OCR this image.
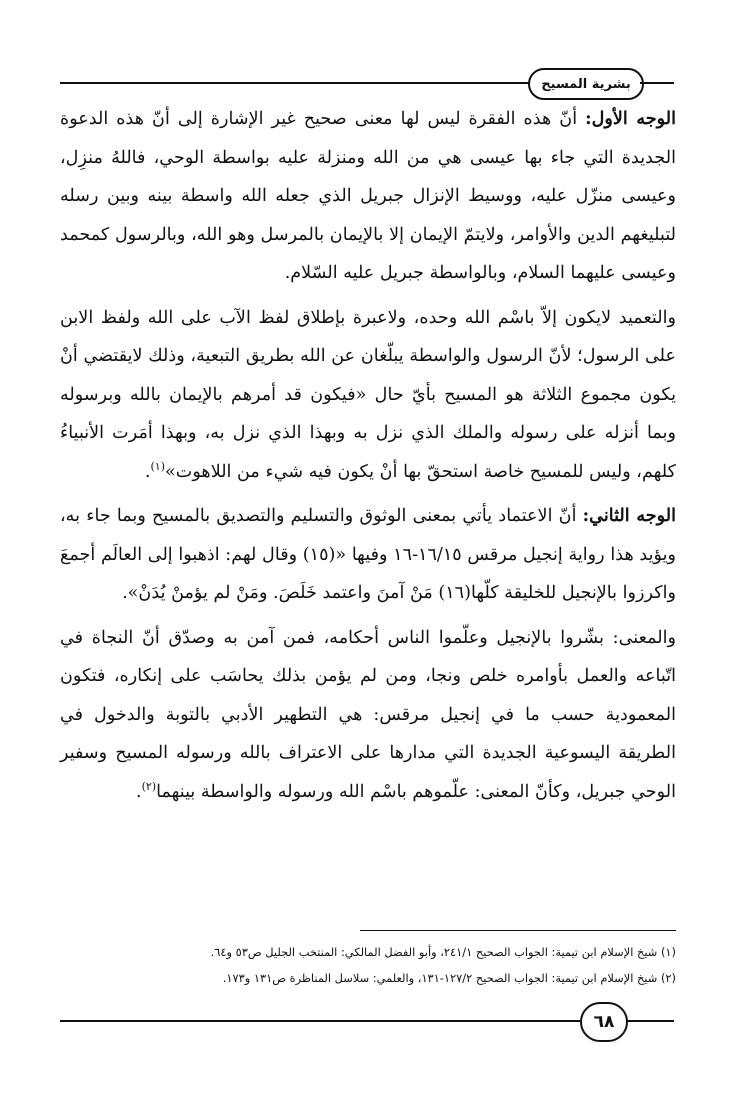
بشرية المسيح

الوجه الأول: أنّ هذه الفقرة ليس لها معنى صحيح غير الإشارة إلى أنّ هذه الدعوة الجديدة التي جاء بها عيسى هي من الله ومنزلة عليه بواسطة الوحي، فاللهُ منزِل، وعيسى منزّل عليه، ووسيط الإنزال جبريل الذي جعله الله واسطة بينه وبين رسله لتبليغهم الدين والأوامر، ولايتمّ الإيمان إلا بالإيمان بالمرسل وهو الله، وبالرسول كمحمد وعيسى عليهما السلام، وبالواسطة جبريل عليه السّلام.

والتعميد لايكون إلاّ باسْم الله وحده، ولاعبرة بإطلاق لفظ الآب على الله ولفظ الابن على الرسول؛ لأنّ الرسول والواسطة يبلّغان عن الله بطريق التبعية، وذلك لايقتضي أنْ يكون مجموع الثلاثة هو المسيح بأيّ حال «فيكون قد أمرهم بالإيمان بالله وبرسوله وبما أنزله على رسوله والملك الذي نزل به وبهذا الذي نزل به، وبهذا أمَرت الأنبياءُ كلهم، وليس للمسيح خاصة استحقّ بها أنْ يكون فيه شيء من اللاهوت»$^{(١)}$.

الوجه الثاني: أنّ الاعتماد يأتي بمعنى الوثوق والتسليم والتصديق بالمسيح وبما جاء به، ويؤيد هذا رواية إنجيل مرقس ١٦/١٥-١٦ وفيها «(١٥) وقال لهم: اذهبوا إلى العالَم أجمعَ واكرزوا بالإنجيل للخليقة كلّها(١٦) مَنْ آمنَ واعتمد خَلَصَ. ومَنْ لم يؤمنْ يُدَنْ».

والمعنى: بشّروا بالإنجيل وعلّموا الناس أحكامه، فمن آمن به وصدّق أنّ النجاة في اتّباعه والعمل بأوامره خلص ونجا، ومن لم يؤمن بذلك يحاسَب على إنكاره، فتكون المعمودية حسب ما في إنجيل مرقس: هي التطهير الأدبي بالتوبة والدخول في الطريقة اليسوعية الجديدة التي مدارها على الاعتراف بالله ورسوله المسيح وسفير الوحي جبريل، وكأنّ المعنى: علّموهم باسْم الله ورسوله والواسطة بينهما$^{(٢)}$.

(١) شيخ الإسلام ابن تيمية: الجواب الصحيح ٢٤١/١، وأبو الفضل المالكي: المنتخب الجليل ص٥٣ و٦٤.

(٢) شيخ الإسلام ابن تيمية: الجواب الصحيح ١٢٧/٢-١٣١، والعلمي: سلاسل المناظرة ص١٣١ و١٧٣.

٦٨
